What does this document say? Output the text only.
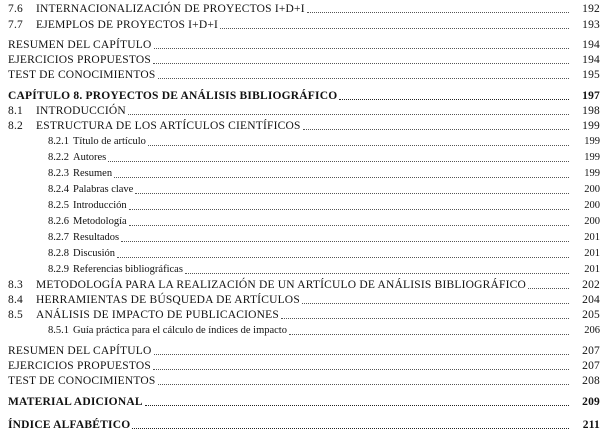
7.6	INTERNACIONALIZACIÓN DE PROYECTOS I+D+I	192
7.7	EJEMPLOS DE PROYECTOS I+D+I	193
RESUMEN DEL CAPÍTULO	194
EJERCICIOS PROPUESTOS	194
TEST DE CONOCIMIENTOS	195
CAPÍTULO 8. PROYECTOS DE ANÁLISIS BIBLIOGRÁFICO	197
8.1	INTRODUCCIÓN	198
8.2	ESTRUCTURA DE LOS ARTÍCULOS CIENTÍFICOS	199
8.2.1 Título de artículo	199
8.2.2 Autores	199
8.2.3 Resumen	199
8.2.4 Palabras clave	200
8.2.5 Introducción	200
8.2.6 Metodología	200
8.2.7 Resultados	201
8.2.8 Discusión	201
8.2.9 Referencias bibliográficas	201
8.3	METODOLOGÍA PARA LA REALIZACIÓN DE UN ARTÍCULO DE ANÁLISIS BIBLIOGRÁFICO	202
8.4	HERRAMIENTAS DE BÚSQUEDA DE ARTÍCULOS	204
8.5	ANÁLISIS DE IMPACTO DE PUBLICACIONES	205
8.5.1 Guía práctica para el cálculo de índices de impacto	206
RESUMEN DEL CAPÍTULO	207
EJERCICIOS PROPUESTOS	207
TEST DE CONOCIMIENTOS	208
MATERIAL ADICIONAL	209
ÍNDICE ALFABÉTICO	211
